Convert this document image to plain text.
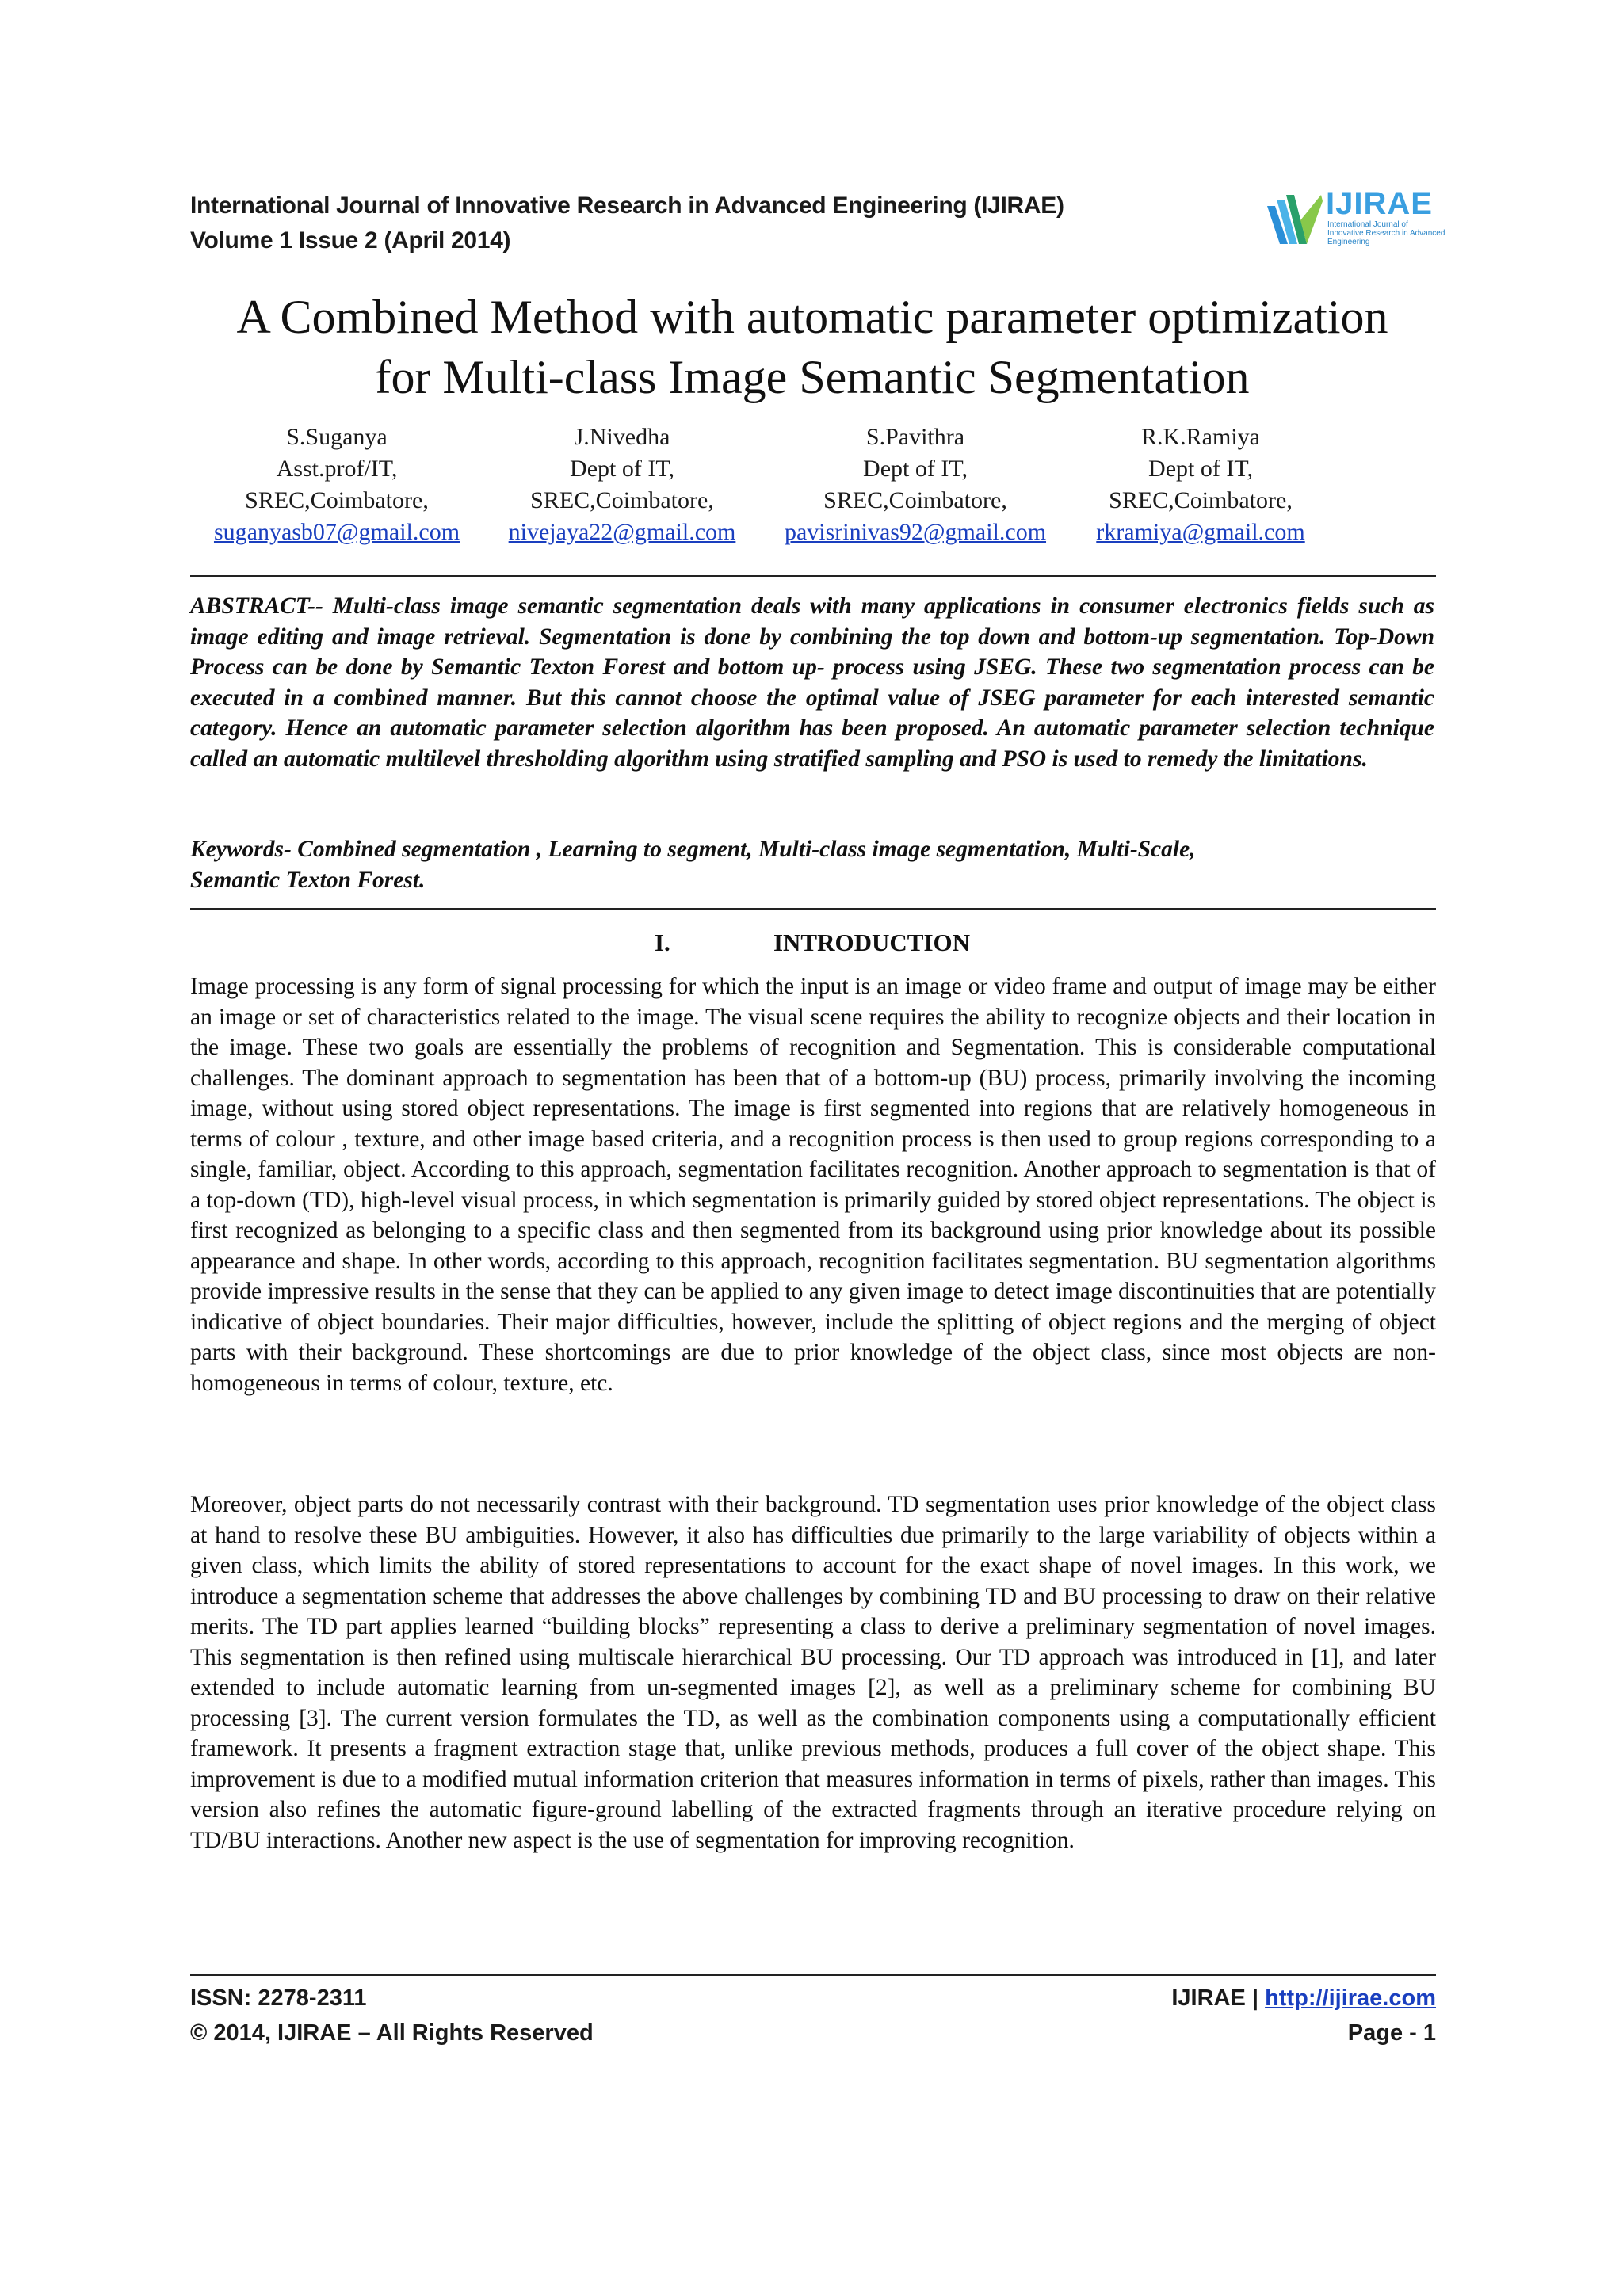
International Journal of Innovative Research in Advanced Engineering (IJIRAE)
Volume 1 Issue 2 (April 2014)
IJIRAE
International Journal of Innovative Research in Advanced Engineering
A Combined Method with automatic parameter optimization
for Multi-class Image Semantic Segmentation
S.Suganya
Asst.prof/IT,
SREC,Coimbatore,
suganyasb07@gmail.com
J.Nivedha
Dept of IT,
SREC,Coimbatore,
nivejaya22@gmail.com
S.Pavithra
Dept of IT,
SREC,Coimbatore,
pavisrinivas92@gmail.com
R.K.Ramiya
Dept of IT,
SREC,Coimbatore,
rkramiya@gmail.com

ABSTRACT-- Multi-class image semantic segmentation deals with many applications in consumer electronics fields such as image editing and image retrieval. Segmentation is done by combining the top down and bottom-up segmentation. Top-Down Process can be done by Semantic Texton Forest and bottom up- process using JSEG. These two segmentation process can be executed in a combined manner. But this cannot choose the optimal value of JSEG parameter for each interested semantic category. Hence an automatic parameter selection algorithm has been proposed. An automatic parameter selection technique called an automatic multilevel thresholding algorithm using stratified sampling and PSO is used to remedy the limitations.

Keywords- Combined segmentation , Learning to segment, Multi-class image segmentation, Multi-Scale,
Semantic Texton Forest.
I.	INTRODUCTION

Image processing is any form of signal processing for which the input is an image or video frame and output of image may be either an image or set of characteristics related to the image. The visual scene requires the ability to recognize objects and their location in the image. These two goals are essentially the problems of recognition and Segmentation. This is considerable computational challenges. The dominant approach to segmentation has been that of a bottom-up (BU) process, primarily involving the incoming image, without using stored object representations. The image is first segmented into regions that are relatively homogeneous in terms of colour , texture, and other image based criteria, and a recognition process is then used to group regions corresponding to a single, familiar, object. According to this approach, segmentation facilitates recognition. Another approach to segmentation is that of a top-down (TD), high-level visual process, in which segmentation is primarily guided by stored object representations. The object is first recognized as belonging to a specific class and then segmented from its background using prior knowledge about its possible appearance and shape. In other words, according to this approach, recognition facilitates segmentation. BU segmentation algorithms provide impressive results in the sense that they can be applied to any given image to detect image discontinuities that are potentially indicative of object boundaries. Their major difficulties, however, include the splitting of object regions and the merging of object parts with their background. These shortcomings are due to prior knowledge of the object class, since most objects are non- homogeneous in terms of colour, texture, etc.

Moreover, object parts do not necessarily contrast with their background. TD segmentation uses prior knowledge of the object class at hand to resolve these BU ambiguities. However, it also has difficulties due primarily to the large variability of objects within a given class, which limits the ability of stored representations to account for the exact shape of novel images. In this work, we introduce a segmentation scheme that addresses the above challenges by combining TD and BU processing to draw on their relative merits. The TD part applies learned “building blocks” representing a class to derive a preliminary segmentation of novel images. This segmentation is then refined using multiscale hierarchical BU processing. Our TD approach was introduced in [1], and later extended to include automatic learning from un-segmented images [2], as well as a preliminary scheme for combining BU processing [3]. The current version formulates the TD, as well as the combination components using a computationally efficient framework. It presents a fragment extraction stage that, unlike previous methods, produces a full cover of the object shape. This improvement is due to a modified mutual information criterion that measures information in terms of pixels, rather than images. This version also refines the automatic figure-ground labelling of the extracted fragments through an iterative procedure relying on TD/BU interactions. Another new aspect is the use of segmentation for improving recognition.

ISSN: 2278-2311
© 2014, IJIRAE – All Rights Reserved
IJIRAE | http://ijirae.com
Page - 1
